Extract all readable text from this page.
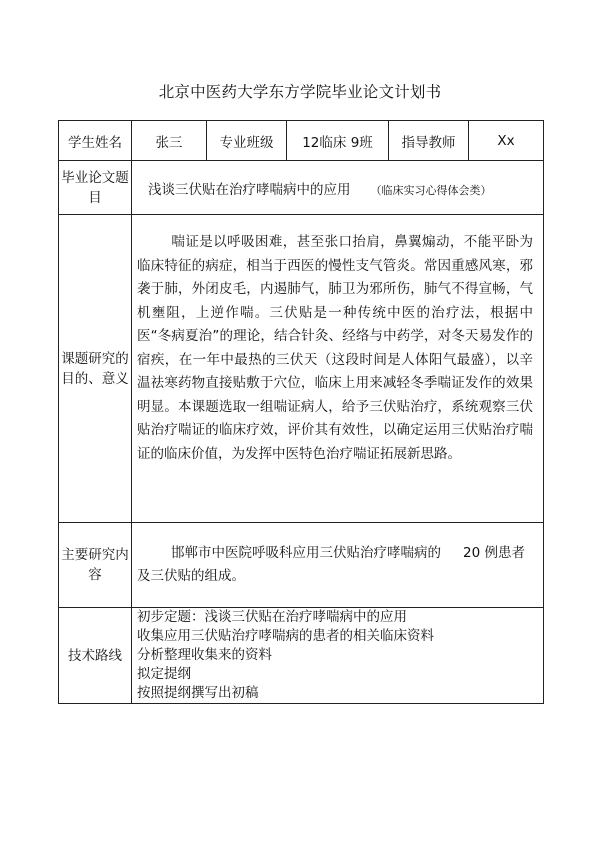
北京中医药大学东方学院毕业论文计划书
学生姓名	张三	专业班级	12临床 9班	指导教师	Xx
毕业论文题目	浅谈三伏贴在治疗哮喘病中的应用 （临床实习心得体会类）				
课题研究的目的、意义	喘证是以呼吸困难，甚至张口抬肩，鼻翼煽动，不能平卧为临床特征的病症，相当于西医的慢性支气管炎。常因重感风寒，邪袭于肺，外闭皮毛，内遏肺气，肺卫为邪所伤，肺气不得宣畅，气机壅阻，上逆作喘。三伏贴是一种传统中医的治疗法，根据中医“冬病夏治”的理论，结合针灸、经络与中药学，对冬天易发作的宿疾，在一年中最热的三伏天（这段时间是人体阳气最盛），以辛温祛寒药物直接贴敷于穴位，临床上用来减轻冬季喘证发作的效果明显。本课题选取一组喘证病人，给予三伏贴治疗，系统观察三伏贴治疗喘证的临床疗效，评价其有效性，以确定运用三伏贴治疗喘证的临床价值，为发挥中医特色治疗喘证拓展新思路。				

主要研究内容	邯郸市中医院呼吸科应用三伏贴治疗哮喘病的 20 例患者及三伏贴的组成。				

技术路线	初步定题：浅谈三伏贴在治疗哮喘病中的应用
收集应用三伏贴治疗哮喘病的患者的相关临床资料
分析整理收集来的资料
拟定提纲
按照提纲撰写出初稿				
